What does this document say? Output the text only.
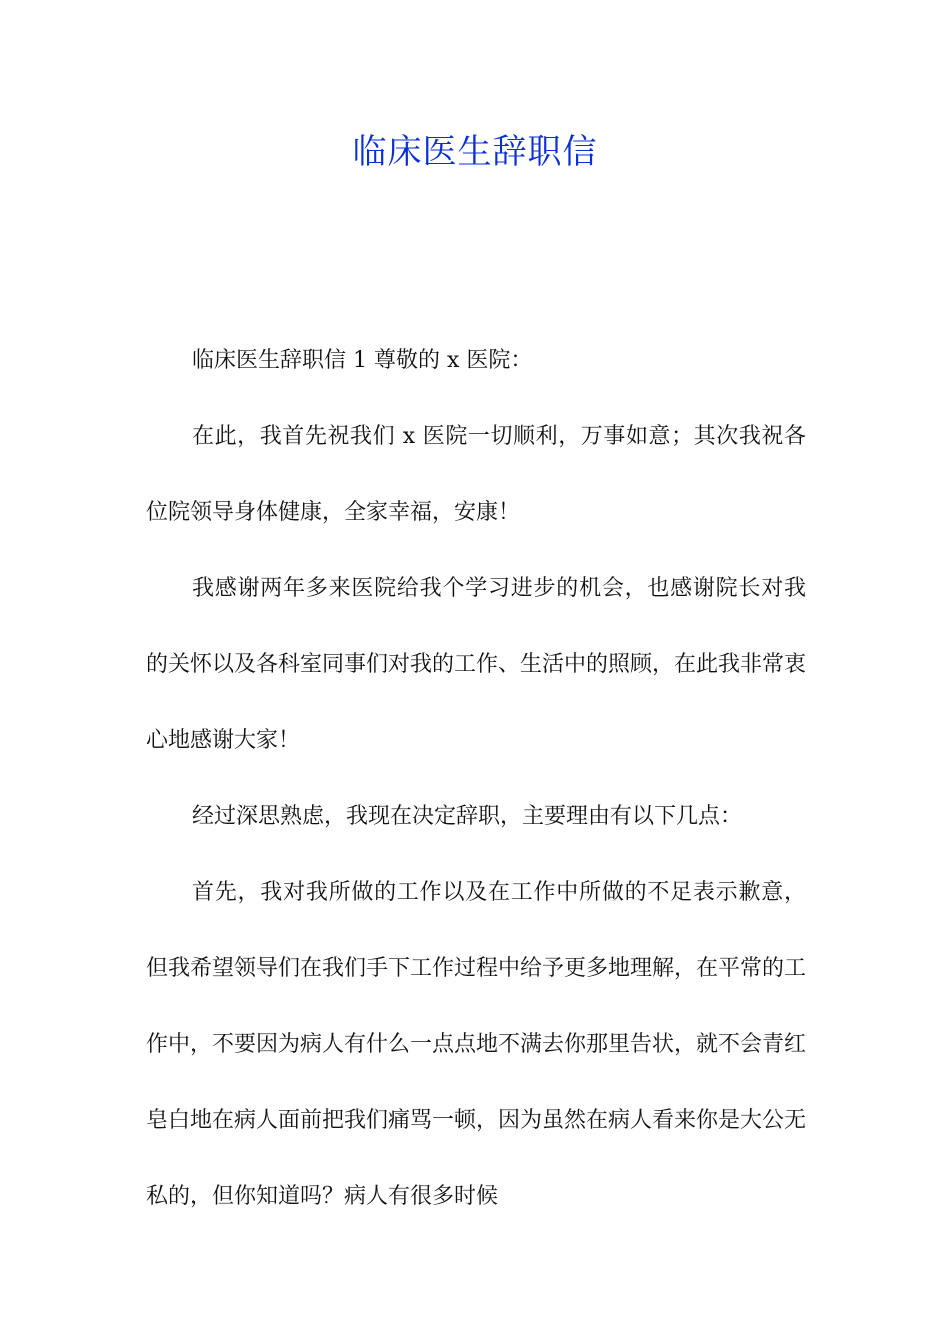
临床医生辞职信

临床医生辞职信 1 尊敬的 x 医院：

在此，我首先祝我们 x 医院一切顺利，万事如意；其次我祝各位院领导身体健康，全家幸福，安康！

我感谢两年多来医院给我个学习进步的机会，也感谢院长对我的关怀以及各科室同事们对我的工作、生活中的照顾，在此我非常衷心地感谢大家！

经过深思熟虑，我现在决定辞职，主要理由有以下几点：

首先，我对我所做的工作以及在工作中所做的不足表示歉意，但我希望领导们在我们手下工作过程中给予更多地理解，在平常的工作中，不要因为病人有什么一点点地不满去你那里告状，就不会青红皂白地在病人面前把我们痛骂一顿，因为虽然在病人看来你是大公无私的，但你知道吗？病人有很多时候
